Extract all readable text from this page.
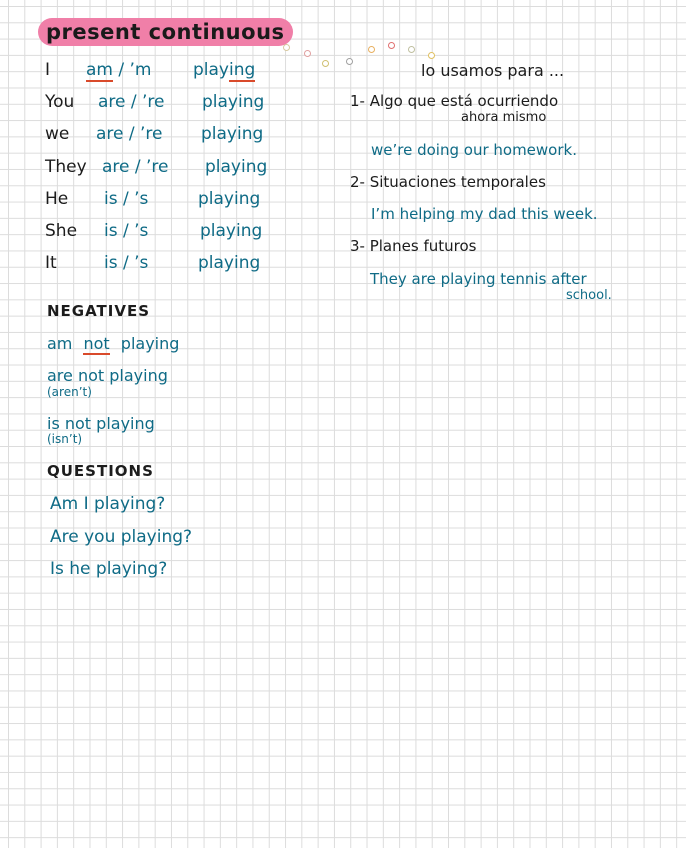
present continuous
I am / ’m playing
You are / ’re playing
we are / ’re playing
They are / ’re playing
He is / ’s	playing
She is / ’s	playing
It	is / ’s	playing
NEGATIVES
am not playing
are not playing
(aren’t)
is not playing
(isn’t)
QUESTIONS
Am I playing?
Are you playing?
Is he playing?
lo usamos para ...
1- Algo que está ocurriendo
ahora mismo
we’re doing our homework.
2- Situaciones temporales
I’m helping my dad this week.
3- Planes futuros
They are playing tennis after
school.
